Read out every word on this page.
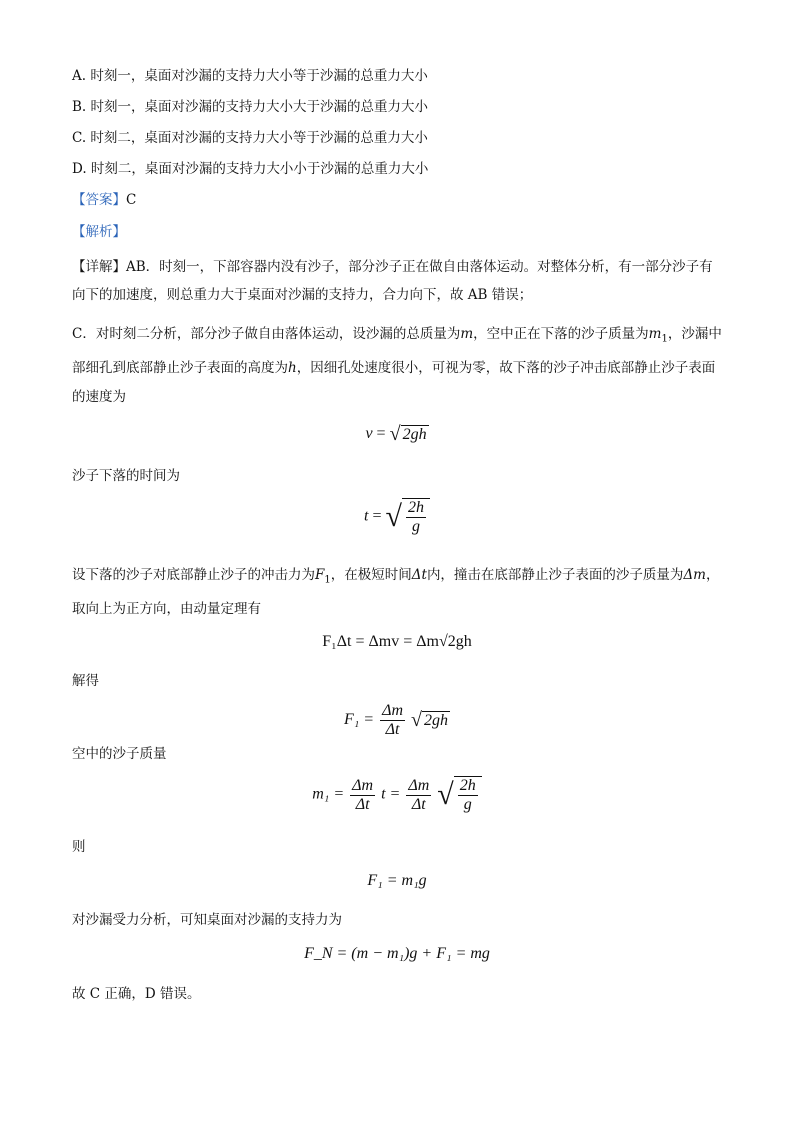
A. 时刻一，桌面对沙漏的支持力大小等于沙漏的总重力大小
B. 时刻一，桌面对沙漏的支持力大小大于沙漏的总重力大小
C. 时刻二，桌面对沙漏的支持力大小等于沙漏的总重力大小
D. 时刻二，桌面对沙漏的支持力大小小于沙漏的总重力大小
【答案】C
【解析】
【详解】AB．时刻一，下部容器内没有沙子，部分沙子正在做自由落体运动。对整体分析，有一部分沙子有向下的加速度，则总重力大于桌面对沙漏的支持力，合力向下，故 AB 错误；
C．对时刻二分析，部分沙子做自由落体运动，设沙漏的总质量为m，空中正在下落的沙子质量为$m_1$，沙漏中部细孔到底部静止沙子表面的高度为h，因细孔处速度很小，可视为零，故下落的沙子冲击底部静止沙子表面的速度为
v = √ 2gh
沙子下落的时间为
t = √ $\frac{2h}{g}$
设下落的沙子对底部静止沙子的冲击力为$F_1$，在极短时间Δt内，撞击在底部静止沙子表面的沙子质量为Δm，取向上为正方向，由动量定理有
F₁Δt = Δmv = Δm√2gh
解得
$F_1 = \frac{\Delta m}{\Delta t}$ √ 2gh
空中的沙子质量
$m_1 = \frac{\Delta m}{\Delta t}$ $t = \frac{\Delta m}{\Delta t}$ √ $\frac{2h}{g}$
则
F₁ = m₁g
对沙漏受力分析，可知桌面对沙漏的支持力为
F_N = (m − m₁)g + F₁ = mg
故 C 正确，D 错误。
